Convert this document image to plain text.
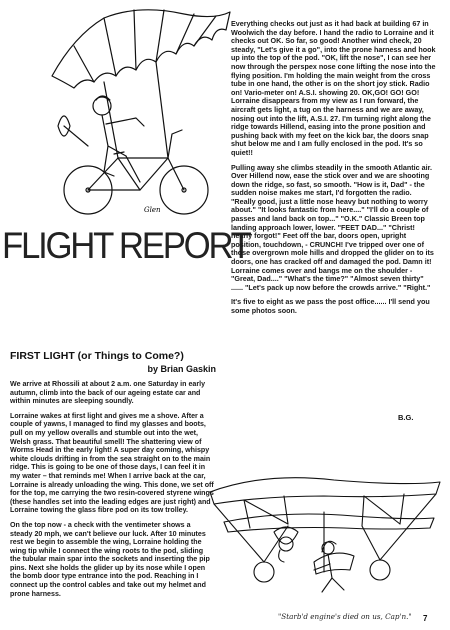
Glen
FLIGHT REPORT
FIRST LIGHT (or Things to Come?)
by Brian Gaskin

We arrive at Rhossili at about 2 a.m. one Saturday in early autumn, climb into the back of our ageing estate car and within minutes are sleeping soundly.

Lorraine wakes at first light and gives me a shove. After a couple of yawns, I managed to find my glasses and boots, pull on my yellow overalls and stumble out into the wet, Welsh grass. That beautiful smell! The shattering view of Worms Head in the early light! A super day coming, whispy white clouds drifting in from the sea straight on to the main ridge. This is going to be one of those days, I can feel it in my water – that reminds me! When I arrive back at the car, Lorraine is already unloading the wing. This done, we set off for the top, me carrying the two resin-covered styrene wings (these handles set into the leading edges are just right) and Lorraine towing the glass fibre pod on its tow trolley.

On the top now - a check with the ventimeter shows a steady 20 mph, we can't believe our luck. After 10 minutes rest we begin to assemble the wing, Lorraine holding the wing tip while I connect the wing roots to the pod, sliding the tubular main spar into the sockets and inserting the pip pins. Next she holds the glider up by its nose while I open the bomb door type entrance into the pod. Reaching in I connect up the control cables and take out my helmet and prone harness.

Everything checks out just as it had back at building 67 in Woolwich the day before. I hand the radio to Lorraine and it checks out OK. So far, so good! Another wind check, 20 steady, "Let's give it a go", into the prone harness and hook up into the top of the pod. "OK, lift the nose", I can see her now through the perspex nose cone lifting the nose into the flying position. I'm holding the main weight from the cross tube in one hand, the other is on the short joy stick. Radio on! Vario-meter on! A.S.I. showing 20. OK,GO! GO! GO! Lorraine disappears from my view as I run forward, the aircraft gets light, a tug on the harness and we are away, nosing out into the lift, A.S.I. 27. I'm turning right along the ridge towards Hillend, easing into the prone position and pushing back with my feet on the kick bar, the doors snap shut below me and I am fully enclosed in the pod. It's so quiet!!

Pulling away she climbs steadily in the smooth Atlantic air. Over Hillend now, ease the stick over and we are shooting down the ridge, so fast, so smooth. "How is it, Dad" - the sudden noise makes me start, I'd forgotten the radio. "Really good, just a little nose heavy but nothing to worry about." "It looks fantastic from here...." "I'll do a couple of passes and land back on top..." "O.K." Classic Breen top landing approach lower, lower. "FEET DAD..." "Christ! nearly forgot!" Feet off the bar, doors open, upright position, touchdown, - CRUNCH! I've tripped over one of those overgrown mole hills and dropped the glider on to its doors, one has cracked off and damaged the pod. Damn it! Lorraine comes over and bangs me on the shoulder - "Great, Dad...." "What's the time?" "Almost seven thirty" ...... "Let's pack up now before the crowds arrive." "Right."

It's five to eight as we pass the post office...... I'll send you some photos soon.

B.G.
"Starb'd engine's died on us, Cap'n."	7
